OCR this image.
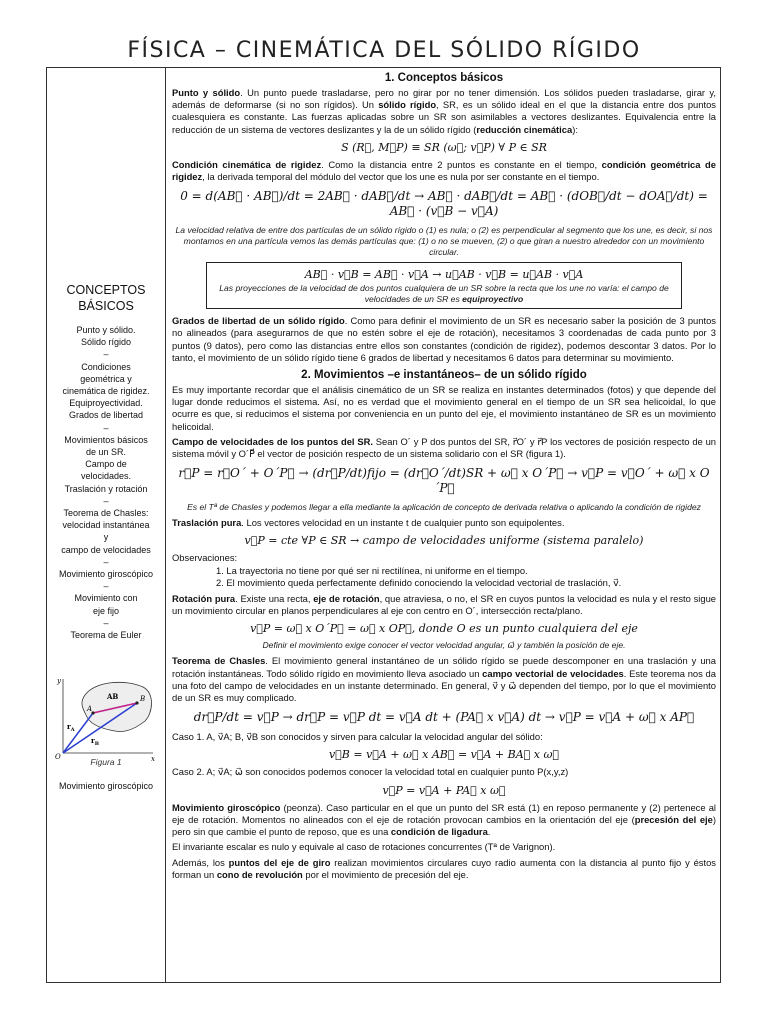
FÍSICA – CINEMÁTICA DEL SÓLIDO RÍGIDO
CONCEPTOS
BÁSICOS
Punto y sólido.
Sólido rígido
–
Condiciones
geométrica y
cinemática de rigidez.
Equiproyectividad.
Grados de libertad
–
Movimientos básicos
de un SR.
Campo de
velocidades.
Traslación y rotación
–
Teorema de Chasles:
velocidad instantánea
y
campo de velocidades
–
Movimiento giroscópico
–
Movimiento con
eje fijo
–
Teorema de Euler
y
x
O
A
B
AB
$r_A$
$r_B$
Figura 1
Movimiento giroscópico
1. Conceptos básicos

Punto y sólido. Un punto puede trasladarse, pero no girar por no tener dimensión. Los sólidos pueden trasladarse, girar y, además de deformarse (si no son rígidos). Un sólido rígido, SR, es un sólido ideal en el que la distancia entre dos puntos cualesquiera es constante. Las fuerzas aplicadas sobre un SR son asimilables a vectores deslizantes. Equivalencia entre la reducción de un sistema de vectores deslizantes y la de un sólido rígido (reducción cinemática):

S (R⃗, M⃗P) ≡ SR (ω⃗; v⃗P) ∀ P ∈ SR

Condición cinemática de rigidez. Como la distancia entre 2 puntos es constante en el tiempo, condición geométrica de rigidez, la derivada temporal del módulo del vector que los une es nula por ser constante en el tiempo.

0 = d(AB⃗ · AB⃗)/dt = 2AB⃗ · dAB⃗/dt → AB⃗ · dAB⃗/dt = AB⃗ · (dOB⃗/dt − dOA⃗/dt) = AB⃗ · (v⃗B − v⃗A)
La velocidad relativa de entre dos partículas de un sólido rígido o (1) es nula; o (2) es perpendicular al segmento que los une, es decir, si nos montamos en una partícula vemos las demás partículas que: (1) o no se mueven, (2) o que giran a nuestro alrededor con un movimiento circular.
AB⃗ · v⃗B = AB⃗ · v⃗A → u⃗AB · v⃗B = u⃗AB · v⃗A
Las proyecciones de la velocidad de dos puntos cualquiera de un SR sobre la recta que los une no varía: el campo de velocidades de un SR es equiproyectivo

Grados de libertad de un sólido rígido. Como para definir el movimiento de un SR es necesario saber la posición de 3 puntos no alineados (para asegurarnos de que no estén sobre el eje de rotación), necesitamos 3 coordenadas de cada punto por 3 puntos (9 datos), pero como las distancias entre ellos son constantes (condición de rigidez), podemos descontar 3 datos. Por lo tanto, el movimiento de un sólido rígido tiene 6 grados de libertad y necesitamos 6 datos para determinar su movimiento.

2. Movimientos –e instantáneos– de un sólido rígido

Es muy importante recordar que el análisis cinemático de un SR se realiza en instantes determinados (fotos) y que depende del lugar donde reducimos el sistema. Así, no es verdad que el movimiento general en el tiempo de un SR sea helicoidal, lo que ocurre es que, si reducimos el sistema por conveniencia en un punto del eje, el movimiento instantáneo de SR es un movimiento helicoidal.

Campo de velocidades de los puntos del SR. Sean O´ y P dos puntos del SR, r⃗O´ y r⃗P los vectores de posición respecto de un sistema móvil y O´P⃗ el vector de posición respecto de un sistema solidario con el SR (figura 1).

r⃗P = r⃗O´ + O´P⃗ → (dr⃗P/dt)fijo = (dr⃗O´/dt)SR + ω⃗ x O´P⃗ → v⃗P = v⃗O´ + ω⃗ x O´P⃗
Es el Tª de Chasles y podemos llegar a ella mediante la aplicación de concepto de derivada relativa o aplicando la condición de rigidez

Traslación pura. Los vectores velocidad en un instante t de cualquier punto son equipolentes.

v⃗P = cte ∀P ∈ SR → campo de velocidades uniforme (sistema paralelo)

Observaciones:

1. La trayectoria no tiene por qué ser ni rectilínea, ni uniforme en el tiempo.
2. El movimiento queda perfectamente definido conociendo la velocidad vectorial de traslación, v⃗.

Rotación pura. Existe una recta, eje de rotación, que atraviesa, o no, el SR en cuyos puntos la velocidad es nula y el resto sigue un movimiento circular en planos perpendiculares al eje con centro en O´, intersección recta/plano.

v⃗P = ω⃗ x O´P⃗ = ω⃗ x OP⃗, donde O es un punto cualquiera del eje
Definir el movimiento exige conocer el vector velocidad angular, ω⃗ y también la posición de eje.

Teorema de Chasles. El movimiento general instantáneo de un sólido rígido se puede descomponer en una traslación y una rotación instantáneas. Todo sólido rígido en movimiento lleva asociado un campo vectorial de velocidades. Este teorema nos da una foto del campo de velocidades en un instante determinado. En general, v⃗ y ω⃗ dependen del tiempo, por lo que el movimiento de un SR es muy complicado.

dr⃗P/dt = v⃗P → dr⃗P = v⃗P dt = v⃗A dt + (PA⃗ x v⃗A) dt → v⃗P = v⃗A + ω⃗ x AP⃗

Caso 1. A, v⃗A; B, v⃗B son conocidos y sirven para calcular la velocidad angular del sólido:

v⃗B = v⃗A + ω⃗ x AB⃗ = v⃗A + BA⃗ x ω⃗

Caso 2. A; v⃗A; ω⃗ son conocidos podemos conocer la velocidad total en cualquier punto P(x,y,z)

v⃗P = v⃗A + PA⃗ x ω⃗

Movimiento giroscópico (peonza). Caso particular en el que un punto del SR está (1) en reposo permanente y (2) pertenece al eje de rotación. Momentos no alineados con el eje de rotación provocan cambios en la orientación del eje (precesión del eje) pero sin que cambie el punto de reposo, que es una condición de ligadura.

El invariante escalar es nulo y equivale al caso de rotaciones concurrentes (Tª de Varignon).

Además, los puntos del eje de giro realizan movimientos circulares cuyo radio aumenta con la distancia al punto fijo y éstos forman un cono de revolución por el movimiento de precesión del eje.
